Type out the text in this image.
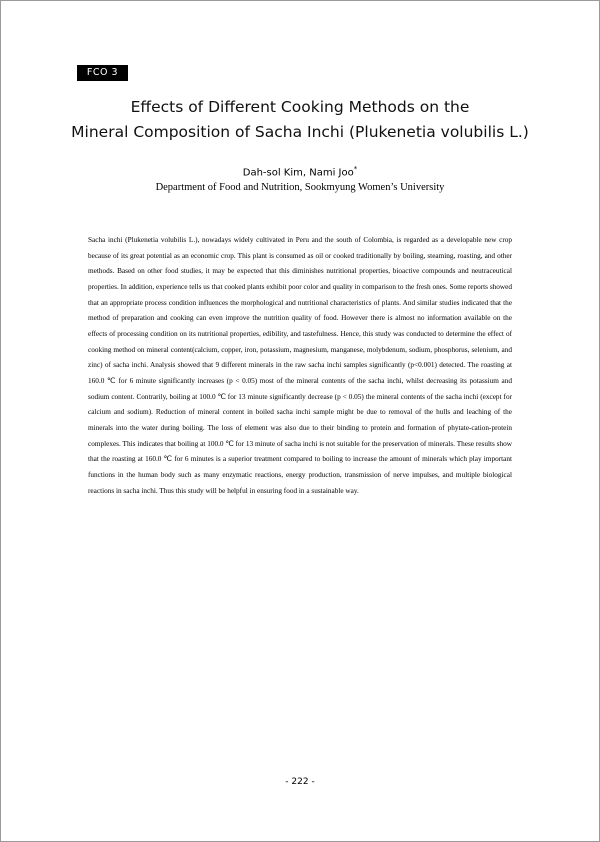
FCO 3
Effects of Different Cooking Methods on the
Mineral Composition of Sacha Inchi (Plukenetia volubilis L.)
Dah-sol Kim, Nami Joo*
Department of Food and Nutrition, Sookmyung Women’s University

Sacha inchi (Plukenetia volubilis L.), nowadays widely cultivated in Peru and the south of Colombia, is regarded as a developable new crop because of its great potential as an economic crop. This plant is consumed as oil or cooked traditionally by boiling, steaming, roasting, and other methods. Based on other food studies, it may be expected that this diminishes nutritional properties, bioactive compounds and neutraceutical properties. In addition, experience tells us that cooked plants exhibit poor color and quality in comparison to the fresh ones. Some reports showed that an appropriate process condition influences the morphological and nutritional characteristics of plants. And similar studies indicated that the method of preparation and cooking can even improve the nutrition quality of food. However there is almost no information available on the effects of processing condition on its nutritional properties, edibility, and tastefulness. Hence, this study was conducted to determine the effect of cooking method on mineral content(calcium, copper, iron, potassium, magnesium, manganese, molybdenum, sodium, phosphorus, selenium, and zinc) of sacha inchi. Analysis showed that 9 different minerals in the raw sacha inchi samples significantly (p<0.001) detected. The roasting at 160.0 ℃ for 6 minute significantly increases (p < 0.05) most of the mineral contents of the sacha inchi, whilst decreasing its potassium and sodium content. Contrarily, boiling at 100.0 ℃ for 13 minute significantly decrease (p < 0.05) the mineral contents of the sacha inchi (except for calcium and sodium). Reduction of mineral content in boiled sacha inchi sample might be due to removal of the hulls and leaching of the minerals into the water during boiling. The loss of element was also due to their binding to protein and formation of phytate-cation-protein complexes. This indicates that boiling at 100.0 ℃ for 13 minute of sacha inchi is not suitable for the preservation of minerals. These results show that the roasting at 160.0 ℃ for 6 minutes is a superior treatment compared to boiling to increase the amount of minerals which play important functions in the human body such as many enzymatic reactions, energy production, transmission of nerve impulses, and multiple biological reactions in sacha inchi. Thus this study will be helpful in ensuring food in a sustainable way.

- 222 -
